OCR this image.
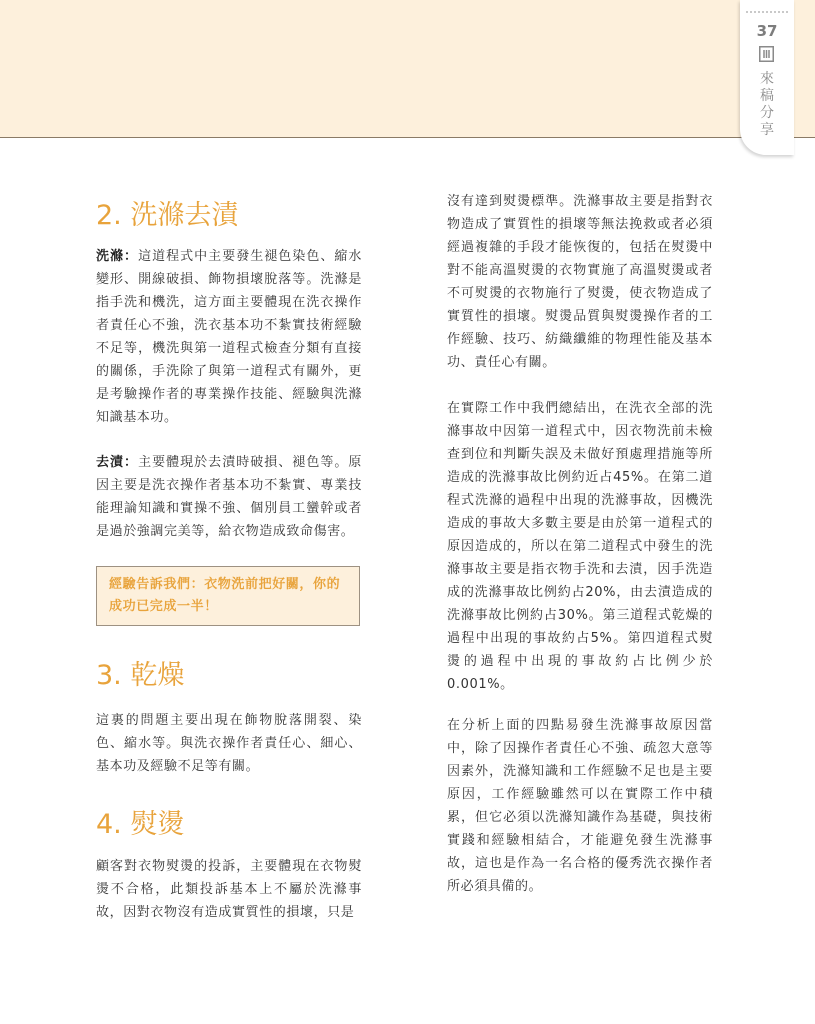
37
來
稿
分
享
2. 洗滌去漬

洗滌：這道程式中主要發生褪色染色、縮水變形、開線破損、飾物損壞脫落等。洗滌是指手洗和機洗，這方面主要體現在洗衣操作者責任心不強，洗衣基本功不紮實技術經驗不足等，機洗與第一道程式檢查分類有直接的關係，手洗除了與第一道程式有關外，更是考驗操作者的專業操作技能、經驗與洗滌知識基本功。

去漬：主要體現於去漬時破損、褪色等。原因主要是洗衣操作者基本功不紮實、專業技能理論知識和實操不強、個別員工蠻幹或者是過於強調完美等，給衣物造成致命傷害。

經驗告訴我們：衣物洗前把好關，你的成功已完成一半！

3. 乾燥

這裏的問題主要出現在飾物脫落開裂、染色、縮水等。與洗衣操作者責任心、細心、基本功及經驗不足等有關。

4. 熨燙

顧客對衣物熨燙的投訴，主要體現在衣物熨燙不合格，此類投訴基本上不屬於洗滌事故，因對衣物沒有造成實質性的損壞，只是

沒有達到熨燙標準。洗滌事故主要是指對衣物造成了實質性的損壞等無法挽救或者必須經過複雜的手段才能恢復的，包括在熨燙中對不能高溫熨燙的衣物實施了高溫熨燙或者不可熨燙的衣物施行了熨燙，使衣物造成了實質性的損壞。熨燙品質與熨燙操作者的工作經驗、技巧、紡織纖維的物理性能及基本功、責任心有關。

在實際工作中我們總結出，在洗衣全部的洗滌事故中因第一道程式中，因衣物洗前未檢查到位和判斷失誤及未做好預處理措施等所造成的洗滌事故比例約近占45%。在第二道程式洗滌的過程中出現的洗滌事故，因機洗造成的事故大多數主要是由於第一道程式的原因造成的，所以在第二道程式中發生的洗滌事故主要是指衣物手洗和去漬，因手洗造成的洗滌事故比例約占20%，由去漬造成的洗滌事故比例約占30%。第三道程式乾燥的過程中出現的事故約占5%。第四道程式熨燙的過程中出現的事故約占比例少於0.001%。

在分析上面的四點易發生洗滌事故原因當中，除了因操作者責任心不強、疏忽大意等因素外，洗滌知識和工作經驗不足也是主要原因，工作經驗雖然可以在實際工作中積累，但它必須以洗滌知識作為基礎，與技術實踐和經驗相結合，才能避免發生洗滌事故，這也是作為一名合格的優秀洗衣操作者所必須具備的。
